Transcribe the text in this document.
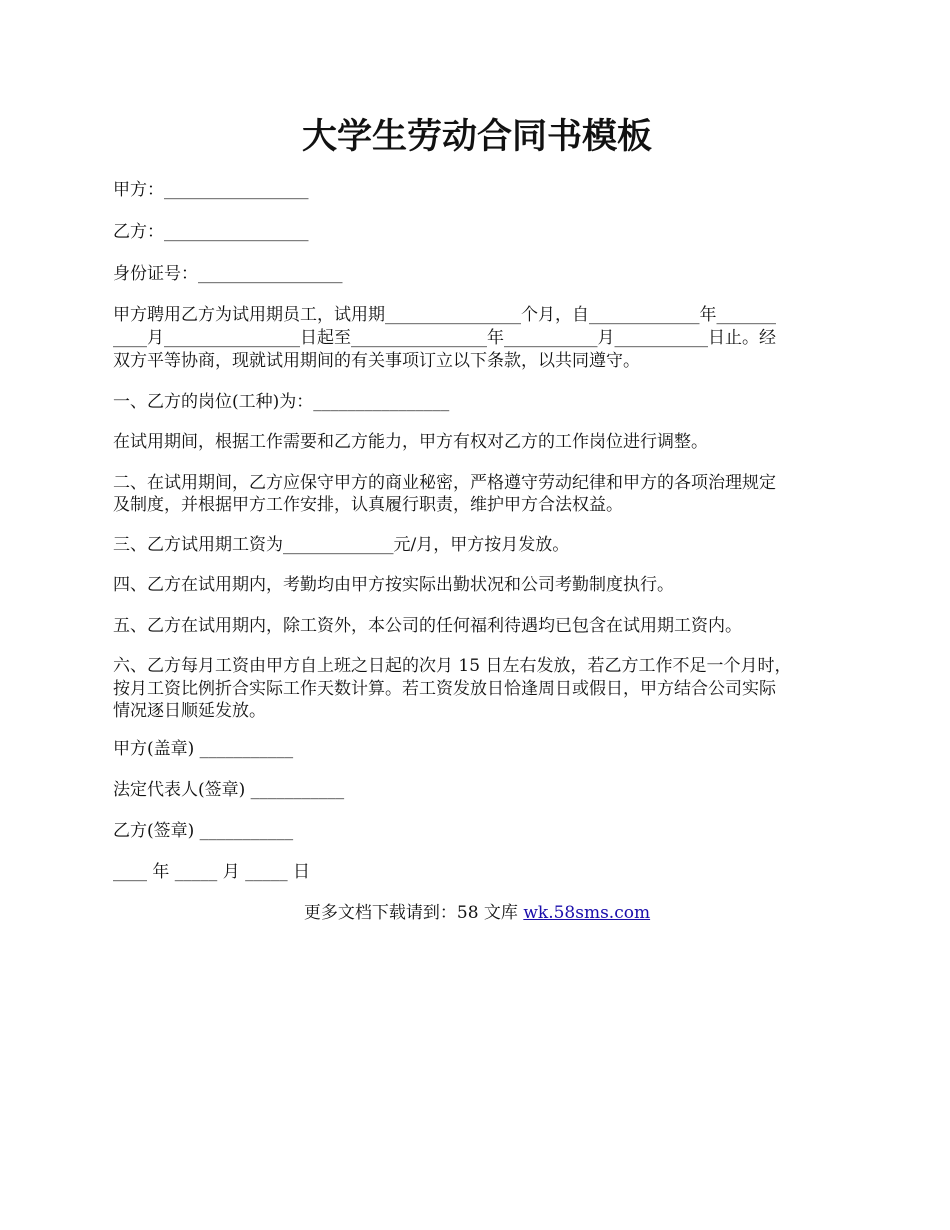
大学生劳动合同书模板

甲方：_________________

乙方：_________________

身份证号：_________________

甲方聘用乙方为试用期员工，试用期________________个月，自_____________年_______

____月________________日起至________________年___________月___________日止。经

双方平等协商，现就试用期间的有关事项订立以下条款，以共同遵守。

一、乙方的岗位(工种)为：________________

在试用期间，根据工作需要和乙方能力，甲方有权对乙方的工作岗位进行调整。

二、在试用期间，乙方应保守甲方的商业秘密，严格遵守劳动纪律和甲方的各项治理规定

及制度，并根据甲方工作安排，认真履行职责，维护甲方合法权益。

三、乙方试用期工资为_____________元/月，甲方按月发放。

四、乙方在试用期内，考勤均由甲方按实际出勤状况和公司考勤制度执行。

五、乙方在试用期内，除工资外，本公司的任何福利待遇均已包含在试用期工资内。

六、乙方每月工资由甲方自上班之日起的次月 15 日左右发放，若乙方工作不足一个月时，

按月工资比例折合实际工作天数计算。若工资发放日恰逢周日或假日，甲方结合公司实际

情况逐日顺延发放。

甲方(盖章) ___________

法定代表人(签章) ___________

乙方(签章) ___________

____ 年 _____ 月 _____ 日

更多文档下载请到：58 文库 wk.58sms.com
